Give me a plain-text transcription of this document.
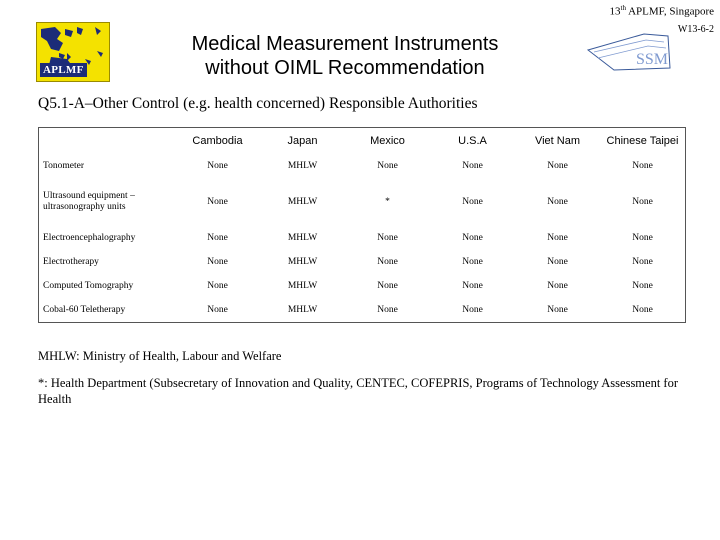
13th APLMF, Singapore
APLMF
W13-6-2
SSM
Medical Measurement Instruments
without OIML Recommendation
Q5.1-A–Other Control (e.g. health concerned) Responsible Authorities
	Cambodia	Japan	Mexico	U.S.A	Viet Nam	Chinese Taipei
Tonometer	None	MHLW	None	None	None	None

Ultrasound equipment –
ultrasonography units	None	MHLW	*	None	None	None
Electroencephalography	None	MHLW	None	None	None	None
Electrotherapy	None	MHLW	None	None	None	None
Computed Tomography	None	MHLW	None	None	None	None
Cobal-60 Teletherapy	None	MHLW	None	None	None	None
MHLW: Ministry of Health, Labour and Welfare
*: Health Department (Subsecretary of Innovation and Quality, CENTEC, COFEPRIS, Programs of Technology Assessment for Health
